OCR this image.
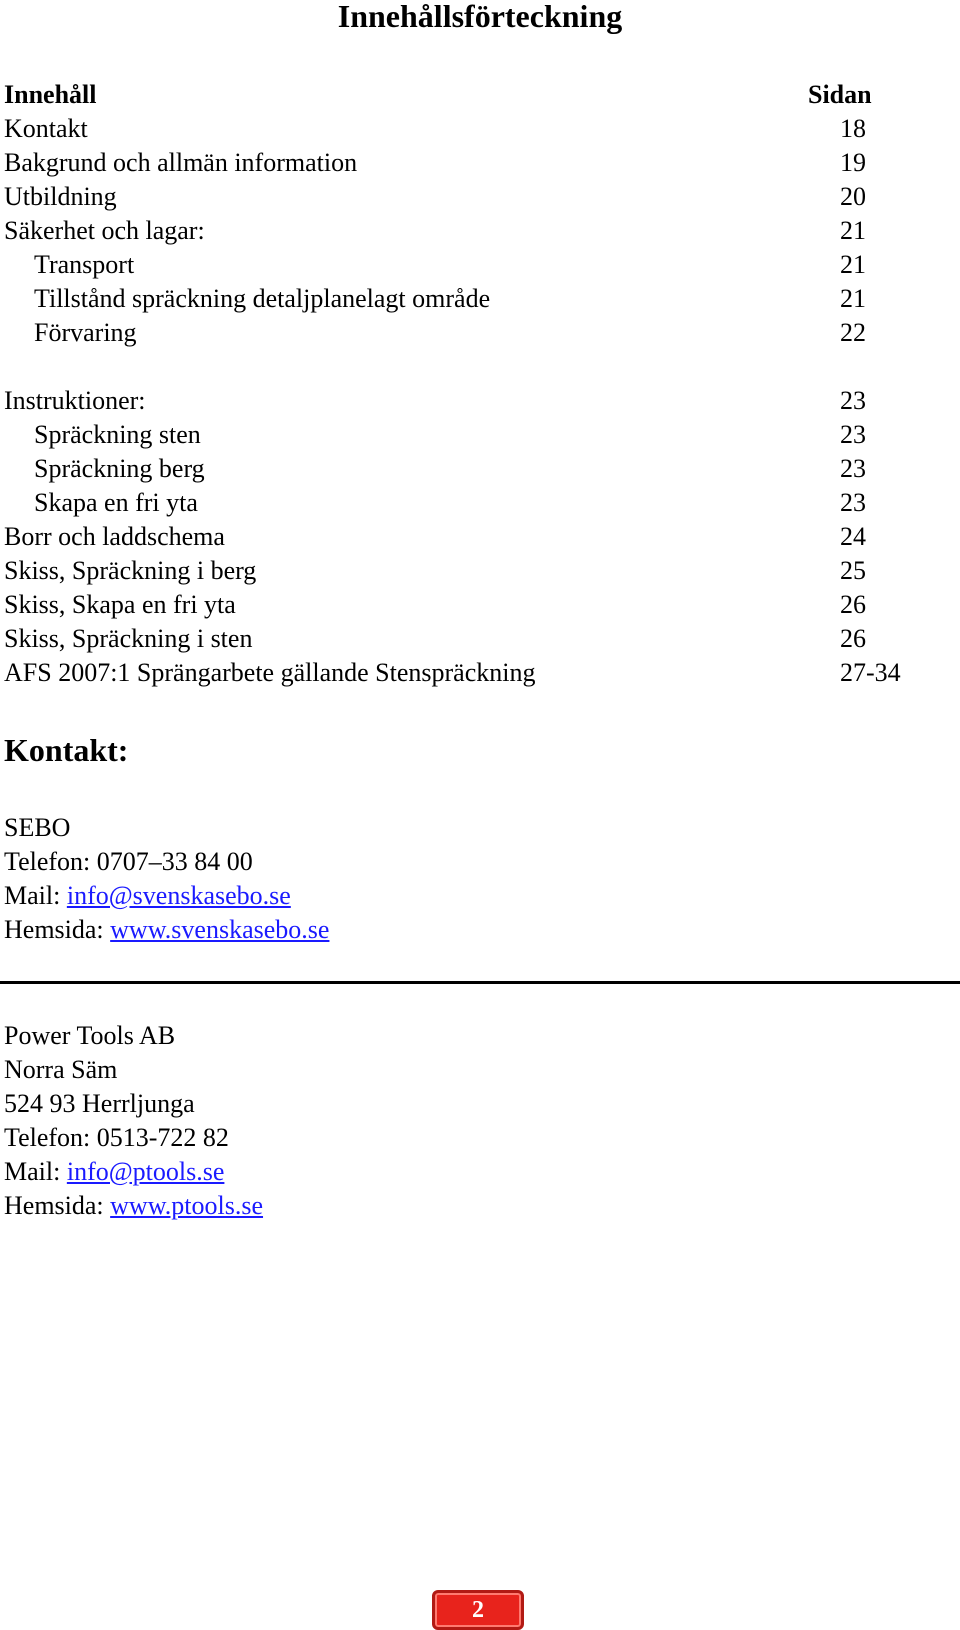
Innehållsförteckning
Innehåll	Sidan
Kontakt	18
Bakgrund och allmän information	19
Utbildning	20
Säkerhet och lagar:	21
Transport	21
Tillstånd spräckning detaljplanelagt område	21
Förvaring	22
Instruktioner:	23
Spräckning sten	23
Spräckning berg	23
Skapa en fri yta	23
Borr och laddschema	24
Skiss, Spräckning i berg	25
Skiss, Skapa en fri yta	26
Skiss, Spräckning i sten	26
AFS 2007:1 Sprängarbete gällande Stenspräckning	27-34
Kontakt:
SEBO
Telefon: 0707–33 84 00
Mail: info@svenskasebo.se
Hemsida: www.svenskasebo.se
Power Tools AB
Norra Säm
524 93 Herrljunga
Telefon: 0513-722 82
Mail: info@ptools.se
Hemsida: www.ptools.se
2
